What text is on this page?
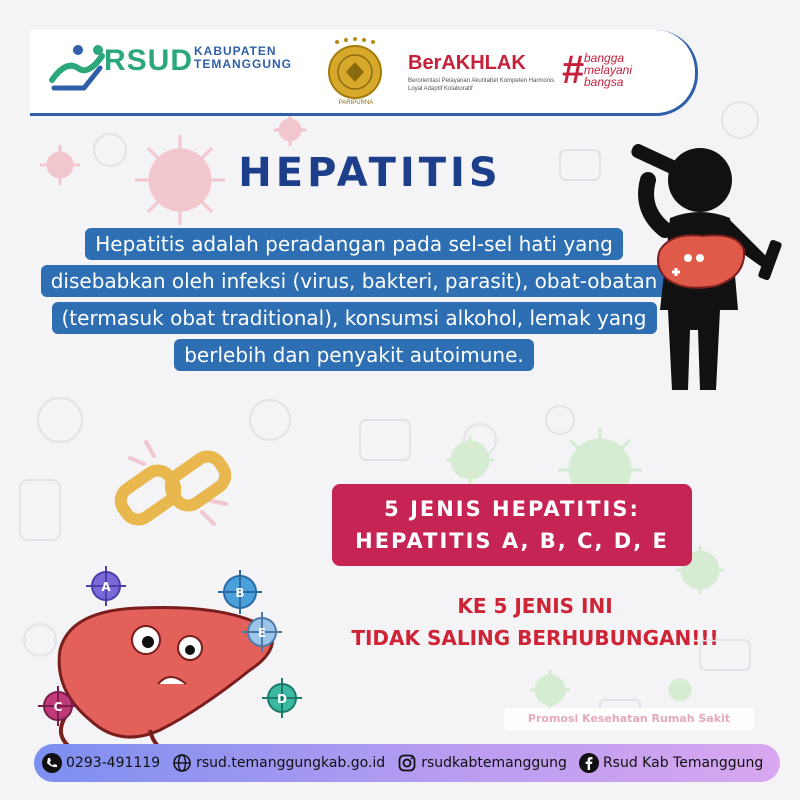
RSUD KABUPATEN
TEMANGGUNG
PARIPURNA
BerAKHLAK
Berorientasi Pelayanan Akuntabel Kompeten Harmonis Loyal Adaptif Kolaboratif	# bangga
melayani
bangsa
HEPATITIS
Hepatitis adalah peradangan pada sel-sel hati yang disebabkan oleh infeksi (virus, bakteri, parasit), obat-obatan (termasuk obat traditional), konsumsi alkohol, lemak yang berlebih dan penyakit autoimune.
A	B
C
D
E
5 JENIS HEPATITIS:
HEPATITIS A, B, C, D, E
KE 5 JENIS INI
TIDAK SALING BERHUBUNGAN!!!
Promosi Kesehatan Rumah Sakit
0293-491119	rsud.temanggungkab.go.id	rsudkabtemanggung	Rsud Kab Temanggung
